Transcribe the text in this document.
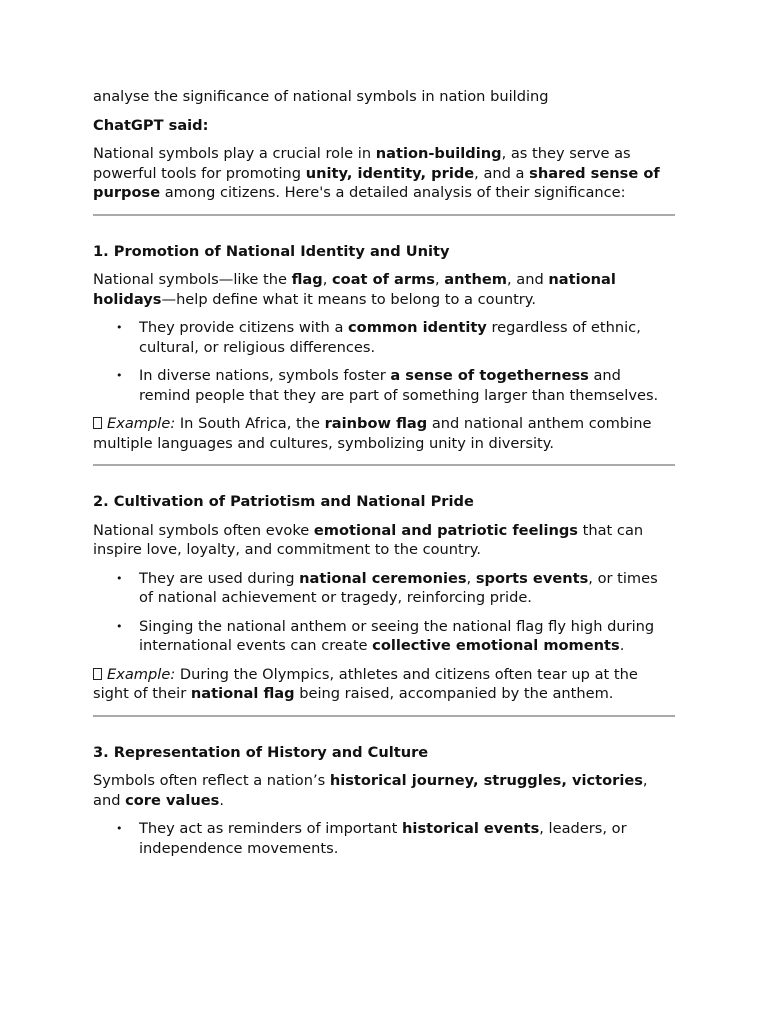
analyse the significance of national symbols in nation building

ChatGPT said:

National symbols play a crucial role in nation-building, as they serve as powerful tools for promoting unity, identity, pride, and a shared sense of purpose among citizens. Here's a detailed analysis of their significance:

1. Promotion of National Identity and Unity

National symbols—like the flag, coat of arms, anthem, and national holidays—help define what it means to belong to a country.

• They provide citizens with a common identity regardless of ethnic, cultural, or religious differences.
• In diverse nations, symbols foster a sense of togetherness and remind people that they are part of something larger than themselves.

Example: In South Africa, the rainbow flag and national anthem combine multiple languages and cultures, symbolizing unity in diversity.

2. Cultivation of Patriotism and National Pride

National symbols often evoke emotional and patriotic feelings that can inspire love, loyalty, and commitment to the country.

• They are used during national ceremonies, sports events, or times of national achievement or tragedy, reinforcing pride.
• Singing the national anthem or seeing the national flag fly high during international events can create collective emotional moments.

Example: During the Olympics, athletes and citizens often tear up at the sight of their national flag being raised, accompanied by the anthem.

3. Representation of History and Culture

Symbols often reflect a nation’s historical journey, struggles, victories, and core values.

• They act as reminders of important historical events, leaders, or independence movements.
